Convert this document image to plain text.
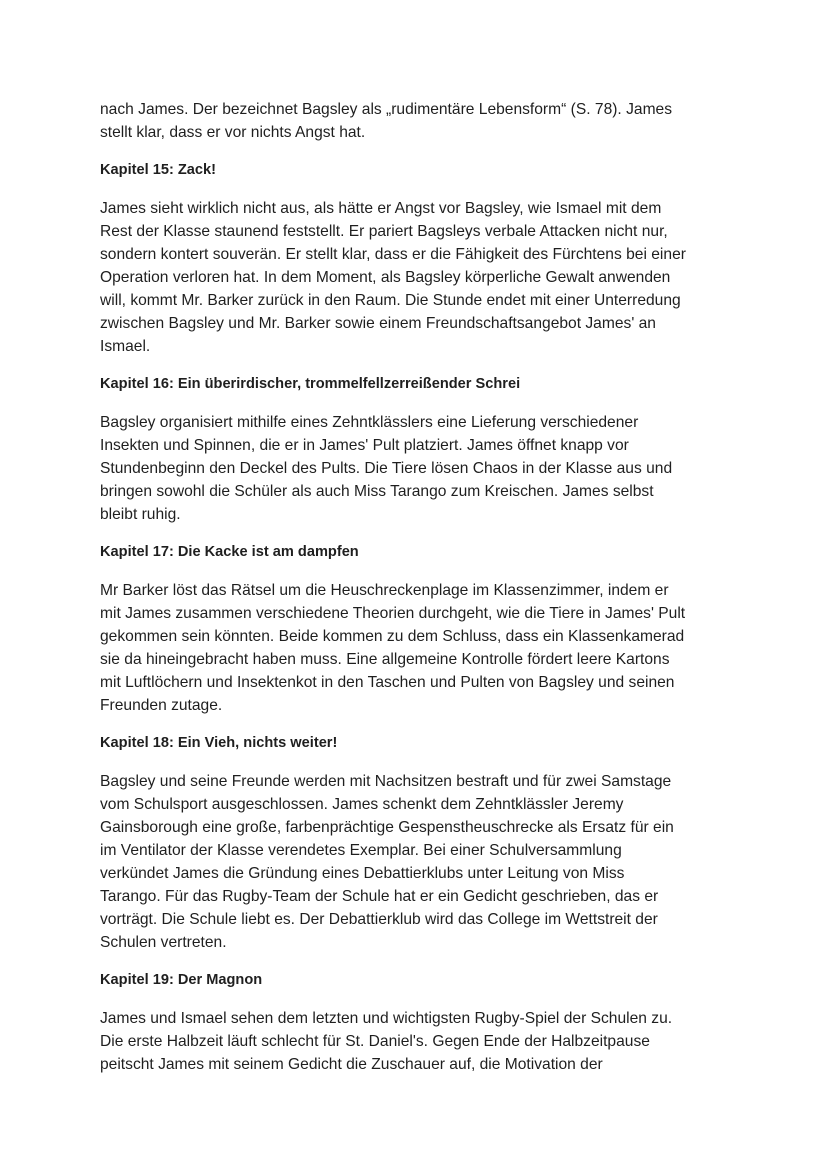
nach James. Der bezeichnet Bagsley als „rudimentäre Lebensform“ (S. 78). James
stellt klar, dass er vor nichts Angst hat.

Kapitel 15: Zack!

James sieht wirklich nicht aus, als hätte er Angst vor Bagsley, wie Ismael mit dem
Rest der Klasse staunend feststellt. Er pariert Bagsleys verbale Attacken nicht nur,
sondern kontert souverän. Er stellt klar, dass er die Fähigkeit des Fürchtens bei einer
Operation verloren hat. In dem Moment, als Bagsley körperliche Gewalt anwenden
will, kommt Mr. Barker zurück in den Raum. Die Stunde endet mit einer Unterredung
zwischen Bagsley und Mr. Barker sowie einem Freundschaftsangebot James' an
Ismael.

Kapitel 16: Ein überirdischer, trommelfellzerreißender Schrei

Bagsley organisiert mithilfe eines Zehntklässlers eine Lieferung verschiedener
Insekten und Spinnen, die er in James' Pult platziert. James öffnet knapp vor
Stundenbeginn den Deckel des Pults. Die Tiere lösen Chaos in der Klasse aus und
bringen sowohl die Schüler als auch Miss Tarango zum Kreischen. James selbst
bleibt ruhig.

Kapitel 17: Die Kacke ist am dampfen

Mr Barker löst das Rätsel um die Heuschreckenplage im Klassenzimmer, indem er
mit James zusammen verschiedene Theorien durchgeht, wie die Tiere in James' Pult
gekommen sein könnten. Beide kommen zu dem Schluss, dass ein Klassenkamerad
sie da hineingebracht haben muss. Eine allgemeine Kontrolle fördert leere Kartons
mit Luftlöchern und Insektenkot in den Taschen und Pulten von Bagsley und seinen
Freunden zutage.

Kapitel 18: Ein Vieh, nichts weiter!

Bagsley und seine Freunde werden mit Nachsitzen bestraft und für zwei Samstage
vom Schulsport ausgeschlossen. James schenkt dem Zehntklässler Jeremy
Gainsborough eine große, farbenprächtige Gespenstheuschrecke als Ersatz für ein
im Ventilator der Klasse verendetes Exemplar. Bei einer Schulversammlung
verkündet James die Gründung eines Debattierklubs unter Leitung von Miss
Tarango. Für das Rugby-Team der Schule hat er ein Gedicht geschrieben, das er
vorträgt. Die Schule liebt es. Der Debattierklub wird das College im Wettstreit der
Schulen vertreten.

Kapitel 19: Der Magnon

James und Ismael sehen dem letzten und wichtigsten Rugby-Spiel der Schulen zu.
Die erste Halbzeit läuft schlecht für St. Daniel's. Gegen Ende der Halbzeitpause
peitscht James mit seinem Gedicht die Zuschauer auf, die Motivation der
